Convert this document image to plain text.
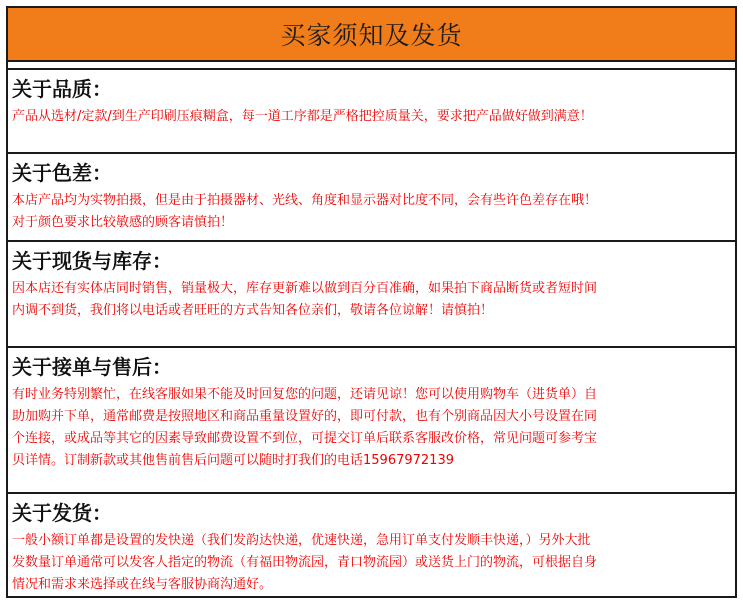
买家须知及发货
关于品质：

产品从选材/定款/到生产印刷压痕糊盒，每一道工序都是严格把控质量关，要求把产品做好做到满意！

关于色差：

本店产品均为实物拍摄，但是由于拍摄器材、光线、角度和显示器对比度不同，会有些许色差存在哦！

对于颜色要求比较敏感的顾客请慎拍！

关于现货与库存：

因本店还有实体店同时销售，销量极大，库存更新难以做到百分百准确，如果拍下商品断货或者短时间

内调不到货，我们将以电话或者旺旺的方式告知各位亲们，敬请各位谅解！请慎拍！

关于接单与售后：

有时业务特别繁忙，在线客服如果不能及时回复您的问题，还请见谅！您可以使用购物车（进货单）自

助加购并下单，通常邮费是按照地区和商品重量设置好的，即可付款，也有个别商品因大小号设置在同

个连接，或成品等其它的因素导致邮费设置不到位，可提交订单后联系客服改价格，常见问题可参考宝

贝详情。订制新款或其他售前售后问题可以随时打我们的电话15967972139

关于发货：

一般小额订单都是设置的发快递（我们发韵达快递，优速快递，急用订单支付发顺丰快递，）另外大批

发数量订单通常可以发客人指定的物流（有福田物流园，青口物流园）或送货上门的物流，可根据自身

情况和需求来选择或在线与客服协商沟通好。
